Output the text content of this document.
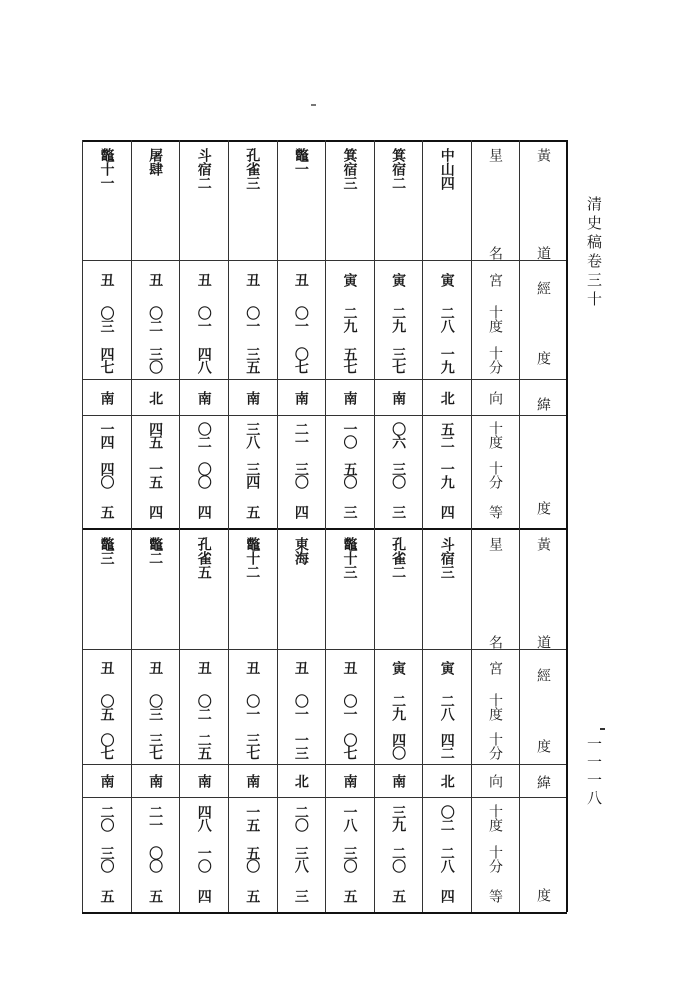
清史稿卷三十
一一一八
黃
道
經
度
緯
度
星
名
宮
十度
十分
向
十度
十分
等
黃
道
經
度
緯
度
星
名
宮
十度
十分
向
十度
十分
等
中山四
寅
二八
一九
北
五二
一九
四
箕宿二
寅
二九
三七
南
〇六
三〇
三
箕宿三
寅
二九
五七
南
一〇
五〇
三
鼈一
丑
〇一
〇七
南
二一
三〇
四
孔雀三
丑
〇一
三五
南
三八
三四
五
斗宿二
丑
〇一
四八
南
〇二
〇〇
四
屠肆
丑
〇二
三〇
北
四五
一五
四
鼈十一
丑
〇三
四七
南
一四
四〇
五
斗宿三
寅
二八
四二
北
〇二
二八
四
孔雀二
寅
二九
四〇
南
三九
二〇
五
鼈十三
丑
〇一
〇七
南
一八
三〇
五
東海
丑
〇一
一三
北
二〇
三八
三
鼈十二
丑
〇一
三七
南
一五
五〇
五
孔雀五
丑
〇二
二五
南
四八
一〇
四
鼈二
丑
〇三
三七
南
二一
〇〇
五
鼈三
丑
〇五
〇七
南
二〇
三〇
五
